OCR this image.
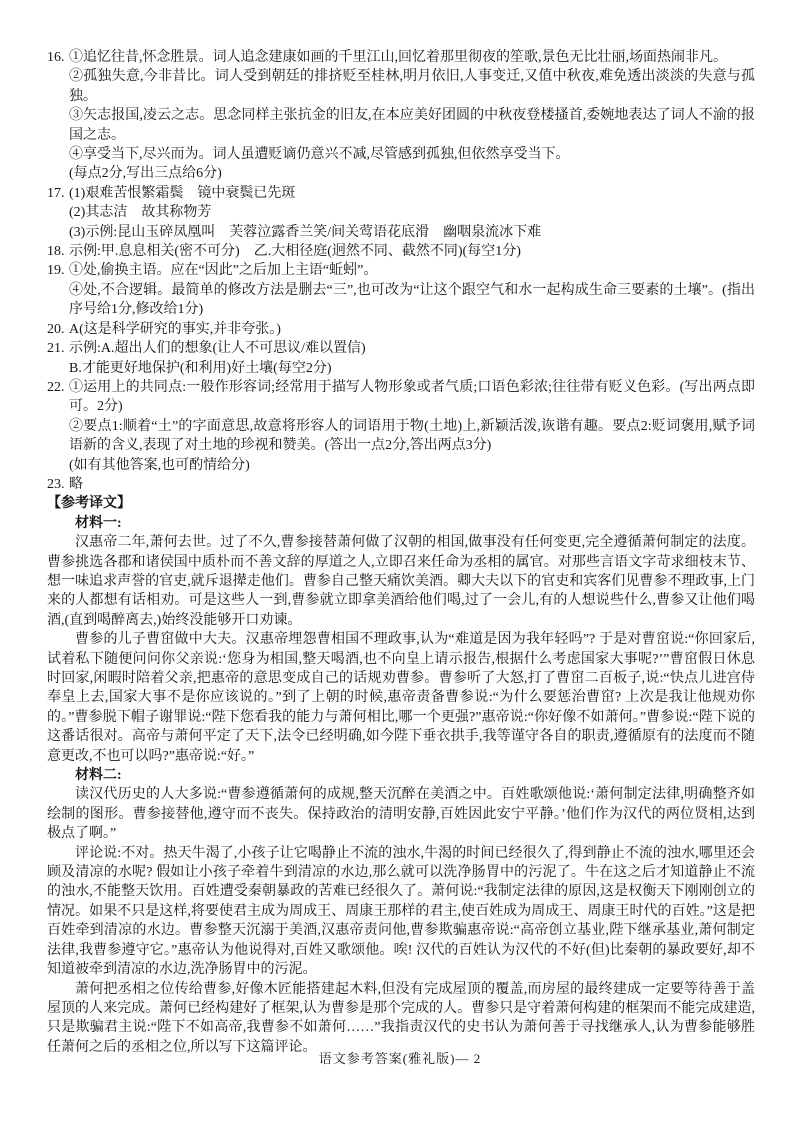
16. ①追忆往昔,怀念胜景。词人追念建康如画的千里江山,回忆着那里彻夜的笙歌,景色无比壮丽,场面热闹非凡。
②孤独失意,今非昔比。词人受到朝廷的排挤贬至桂林,明月依旧,人事变迁,又值中秋夜,难免透出淡淡的失意与孤独。
③矢志报国,凌云之志。思念同样主张抗金的旧友,在本应美好团圆的中秋夜登楼搔首,委婉地表达了词人不渝的报国之志。
④享受当下,尽兴而为。词人虽遭贬谪仍意兴不减,尽管感到孤独,但依然享受当下。
(每点2分,写出三点给6分)
17. (1)艰难苦恨繁霜鬓　镜中衰鬓已先斑
(2)其志洁　故其称物芳
(3)示例:昆山玉碎凤凰叫　芙蓉泣露香兰笑/间关莺语花底滑　幽咽泉流冰下难
18. 示例:甲.息息相关(密不可分)　乙.大相径庭(迥然不同、截然不同)(每空1分)
19. ①处,偷换主语。应在“因此”之后加上主语“蚯蚓”。
④处,不合逻辑。最简单的修改方法是删去“三”,也可改为“让这个跟空气和水一起构成生命三要素的土壤”。(指出序号给1分,修改给1分)
20. A(这是科学研究的事实,并非夸张。)
21. 示例:A.超出人们的想象(让人不可思议/难以置信)
B.才能更好地保护(和利用)好土壤(每空2分)
22. ①运用上的共同点:一般作形容词;经常用于描写人物形象或者气质;口语色彩浓;往往带有贬义色彩。(写出两点即可。2分)
②要点1:顺着“土”的字面意思,故意将形容人的词语用于物(土地)上,新颖活泼,诙谐有趣。要点2:贬词褒用,赋予词语新的含义,表现了对土地的珍视和赞美。(答出一点2分,答出两点3分)
(如有其他答案,也可酌情给分)
23. 略
【参考译文】
材料一:
汉惠帝二年,萧何去世。过了不久,曹参接替萧何做了汉朝的相国,做事没有任何变更,完全遵循萧何制定的法度。曹参挑选各郡和诸侯国中质朴而不善文辞的厚道之人,立即召来任命为丞相的属官。对那些言语文字苛求细枝末节、想一味追求声誉的官吏,就斥退撵走他们。曹参自己整天痛饮美酒。卿大夫以下的官吏和宾客们见曹参不理政事,上门来的人都想有话相劝。可是这些人一到,曹参就立即拿美酒给他们喝,过了一会儿,有的人想说些什么,曹参又让他们喝酒,(直到喝醉离去,)始终没能够开口劝谏。
曹参的儿子曹窋做中大夫。汉惠帝埋怨曹相国不理政事,认为“难道是因为我年轻吗”? 于是对曹窋说:“你回家后,试着私下随便问问你父亲说:‘您身为相国,整天喝酒,也不向皇上请示报告,根据什么考虑国家大事呢?’”曹窋假日休息时回家,闲暇时陪着父亲,把惠帝的意思变成自己的话规劝曹参。曹参听了大怒,打了曹窋二百板子,说:“快点儿进宫侍奉皇上去,国家大事不是你应该说的。”到了上朝的时候,惠帝责备曹参说:“为什么要惩治曹窋? 上次是我让他规劝你的。”曹参脱下帽子谢罪说:“陛下您看我的能力与萧何相比,哪一个更强?”惠帝说:“你好像不如萧何。”曹参说:“陛下说的这番话很对。高帝与萧何平定了天下,法令已经明确,如今陛下垂衣拱手,我等谨守各自的职责,遵循原有的法度而不随意更改,不也可以吗?”惠帝说:“好。”
材料二:
读汉代历史的人大多说:“曹参遵循萧何的成规,整天沉醉在美酒之中。百姓歌颂他说:‘萧何制定法律,明确整齐如绘制的图形。曹参接替他,遵守而不丧失。保持政治的清明安静,百姓因此安宁平静。’他们作为汉代的两位贤相,达到极点了啊。”
评论说:不对。热天牛渴了,小孩子让它喝静止不流的浊水,牛渴的时间已经很久了,得到静止不流的浊水,哪里还会顾及清凉的水呢? 假如让小孩子牵着牛到清凉的水边,那么就可以洗净肠胃中的污泥了。牛在这之后才知道静止不流的浊水,不能整天饮用。百姓遭受秦朝暴政的苦难已经很久了。萧何说:“我制定法律的原因,这是权衡天下刚刚创立的情况。如果不只是这样,将要使君主成为周成王、周康王那样的君主,使百姓成为周成王、周康王时代的百姓。”这是把百姓牵到清凉的水边。曹参整天沉溺于美酒,汉惠帝责问他,曹参欺骗惠帝说:“高帝创立基业,陛下继承基业,萧何制定法律,我曹参遵守它。”惠帝认为他说得对,百姓又歌颂他。唉! 汉代的百姓认为汉代的不好(但)比秦朝的暴政要好,却不知道被牵到清凉的水边,洗净肠胃中的污泥。
萧何把丞相之位传给曹参,好像木匠能搭建起木料,但没有完成屋顶的覆盖,而房屋的最终建成一定要等待善于盖屋顶的人来完成。萧何已经构建好了框架,认为曹参是那个完成的人。曹参只是守着萧何构建的框架而不能完成建造,只是欺骗君主说:“陛下不如高帝,我曹参不如萧何……”我指责汉代的史书认为萧何善于寻找继承人,认为曹参能够胜任萧何之后的丞相之位,所以写下这篇评论。
语文参考答案(雅礼版)— 2
